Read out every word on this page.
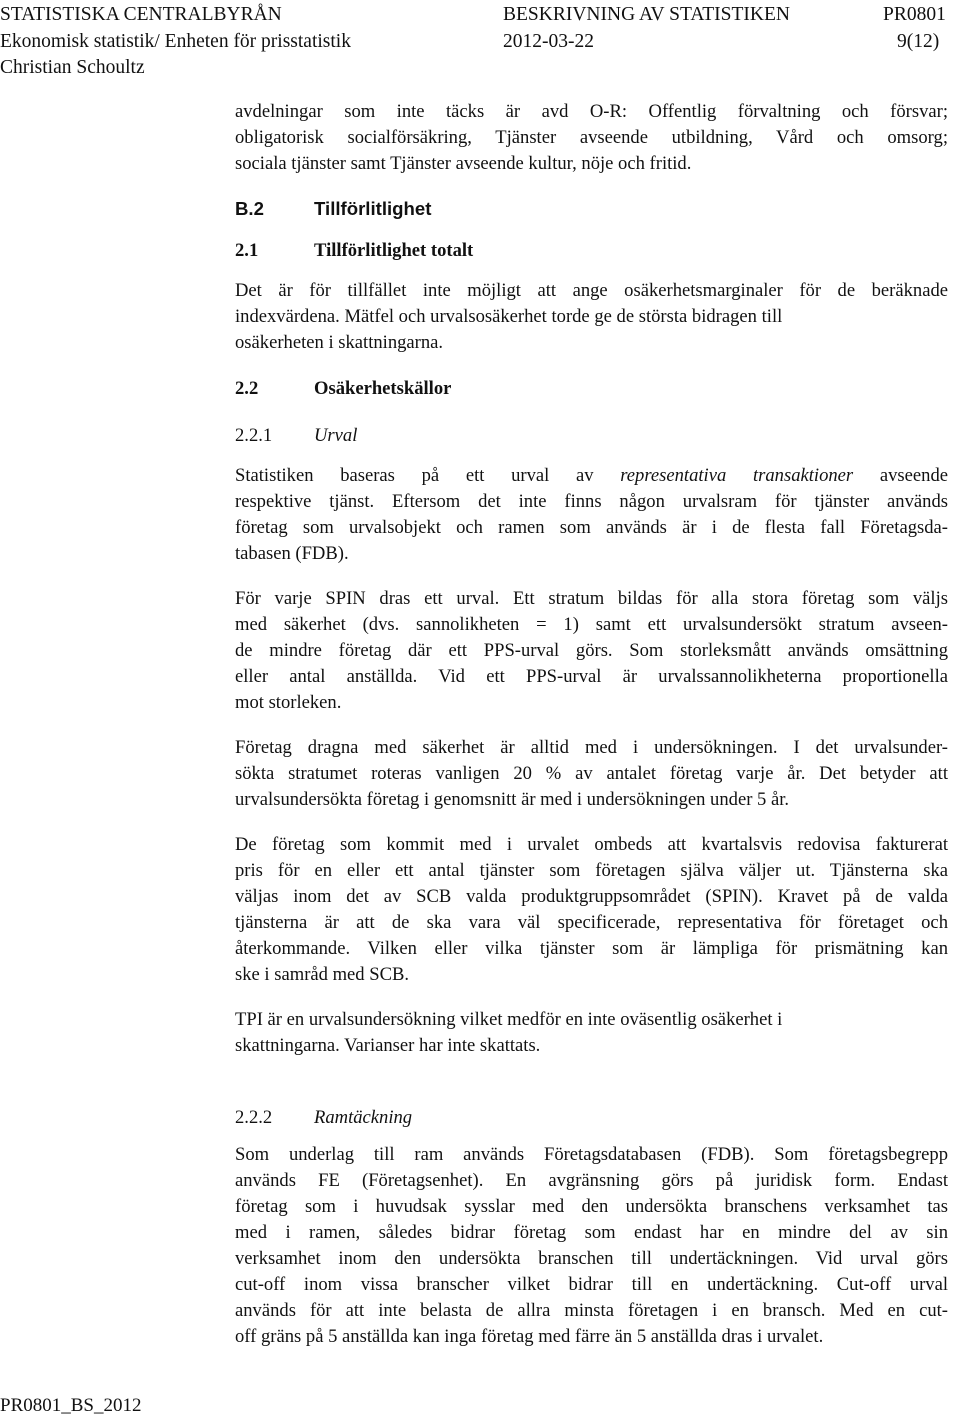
STATISTISKA CENTRALBYRÅN	BESKRIVNING AV STATISTIKEN	PR0801
Ekonomisk statistik/ Enheten för prisstatistik	2012-03-22	9(12)
Christian Schoultz

avdelningar som inte täcks är avd O-R: Offentlig förvaltning och försvar;
obligatorisk socialförsäkring, Tjänster avseende utbildning, Vård och omsorg;
sociala tjänster samt Tjänster avseende kultur, nöje och fritid.

B.2	Tillförlitlighet
2.1	Tillförlitlighet totalt

Det är för tillfället inte möjligt att ange osäkerhetsmarginaler för de beräknade
indexvärdena. Mätfel och urvalsosäkerhet torde ge de största bidragen till
osäkerheten i skattningarna.

2.2	Osäkerhetskällor
2.2.1 Urval

Statistiken baseras på ett urval av representativa transaktioner avseende
respektive tjänst. Eftersom det inte finns någon urvalsram för tjänster används
företag som urvalsobjekt och ramen som används är i de flesta fall Företagsda-
tabasen (FDB).

För varje SPIN dras ett urval. Ett stratum bildas för alla stora företag som väljs
med säkerhet (dvs. sannolikheten = 1) samt ett urvalsundersökt stratum avseen-
de mindre företag där ett PPS-urval görs. Som storleksmått används omsättning
eller antal anställda. Vid ett PPS-urval är urvalssannolikheterna proportionella
mot storleken.

Företag dragna med säkerhet är alltid med i undersökningen. I det urvalsunder-
sökta stratumet roteras vanligen 20 % av antalet företag varje år. Det betyder att
urvalsundersökta företag i genomsnitt är med i undersökningen under 5 år.

De företag som kommit med i urvalet ombeds att kvartalsvis redovisa fakturerat
pris för en eller ett antal tjänster som företagen själva väljer ut. Tjänsterna ska
väljas inom det av SCB valda produktgruppsområdet (SPIN). Kravet på de valda
tjänsterna är att de ska vara väl specificerade, representativa för företaget och
återkommande. Vilken eller vilka tjänster som är lämpliga för prismätning kan
ske i samråd med SCB.

TPI är en urvalsundersökning vilket medför en inte oväsentlig osäkerhet i
skattningarna. Varianser har inte skattats.

2.2.2 Ramtäckning

Som underlag till ram används Företagsdatabasen (FDB). Som företagsbegrepp
används FE (Företagsenhet). En avgränsning görs på juridisk form. Endast
företag som i huvudsak sysslar med den undersökta branschens verksamhet tas
med i ramen, således bidrar företag som endast har en mindre del av sin
verksamhet inom den undersökta branschen till undertäckningen. Vid urval görs
cut-off inom vissa branscher vilket bidrar till en undertäckning. Cut-off urval
används för att inte belasta de allra minsta företagen i en bransch. Med en cut-
off gräns på 5 anställda kan inga företag med färre än 5 anställda dras i urvalet.

PR0801_BS_2012
